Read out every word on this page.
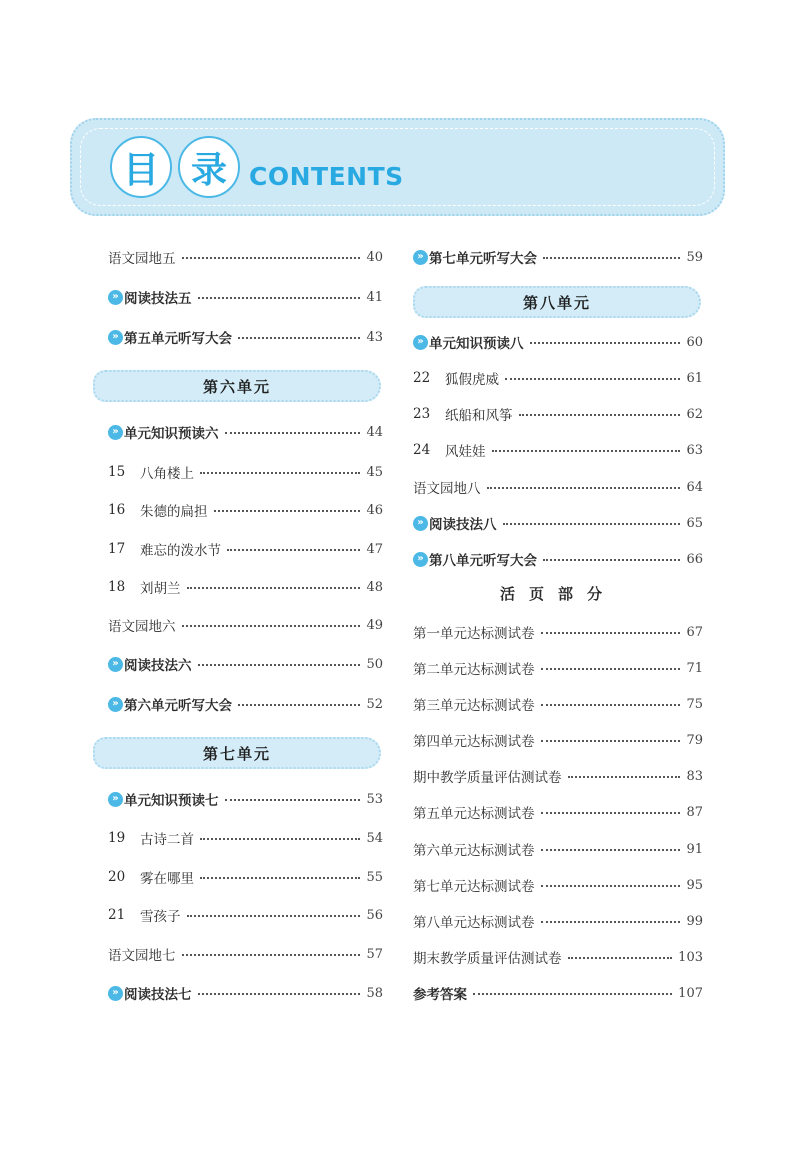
目 录 CONTENTS
语文园地五	40
» 阅读技法五	41
» 第五单元听写大会	43
第六单元
» 单元知识预读六	44
15	八角楼上	45
16	朱德的扁担	46
17	难忘的泼水节	47
18	刘胡兰	48
语文园地六	49
» 阅读技法六	50
» 第六单元听写大会	52
第七单元
» 单元知识预读七	53
19	古诗二首	54
20	雾在哪里	55
21	雪孩子	56
语文园地七	57
» 阅读技法七	58
» 第七单元听写大会	59
第八单元
» 单元知识预读八	60
22	狐假虎威	61
23	纸船和风筝	62
24	风娃娃	63
语文园地八	64
» 阅读技法八	65
» 第八单元听写大会	66
活页部分
第一单元达标测试卷	67
第二单元达标测试卷	71
第三单元达标测试卷	75
第四单元达标测试卷	79
期中教学质量评估测试卷	83
第五单元达标测试卷	87
第六单元达标测试卷	91
第七单元达标测试卷	95
第八单元达标测试卷	99
期末教学质量评估测试卷	103
参考答案	107
